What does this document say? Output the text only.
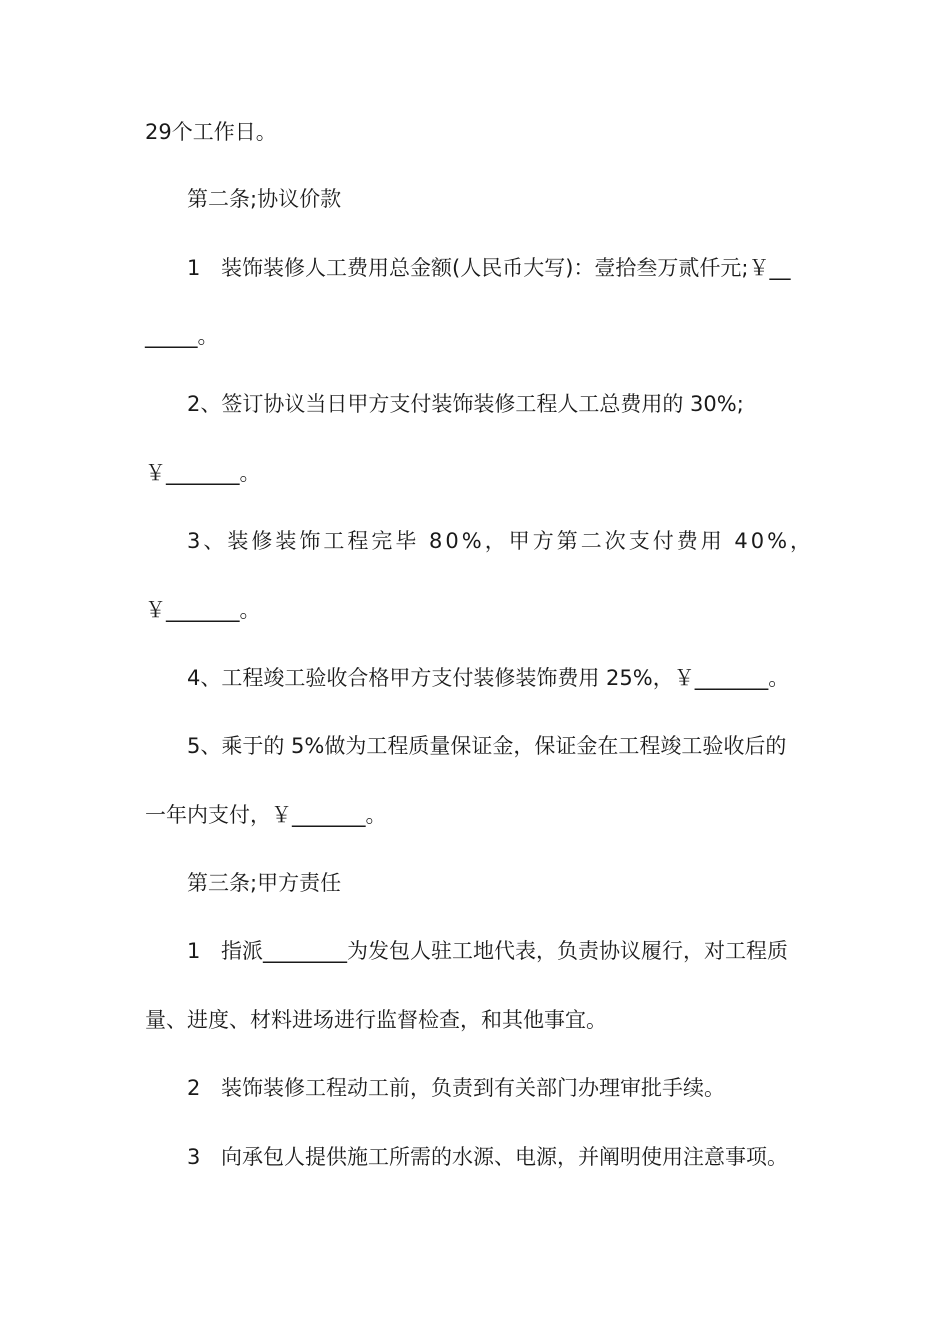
29个工作日。
第二条;协议价款
1 装饰装修人工费用总金额(人民币大写)：壹拾叁万贰仟元;￥__
_____。
2、签订协议当日甲方支付装饰装修工程人工总费用的 30%;
￥_______。
3、装修装饰工程完毕 80%，甲方第二次支付费用 40%，
￥_______。
4、工程竣工验收合格甲方支付装修装饰费用 25%，￥_______。
5、乘于的 5%做为工程质量保证金，保证金在工程竣工验收后的
一年内支付，￥_______。
第三条;甲方责任
1 指派________为发包人驻工地代表，负责协议履行，对工程质
量、进度、材料进场进行监督检查，和其他事宜。
2 装饰装修工程动工前，负责到有关部门办理审批手续。
3 向承包人提供施工所需的水源、电源，并阐明使用注意事项。
